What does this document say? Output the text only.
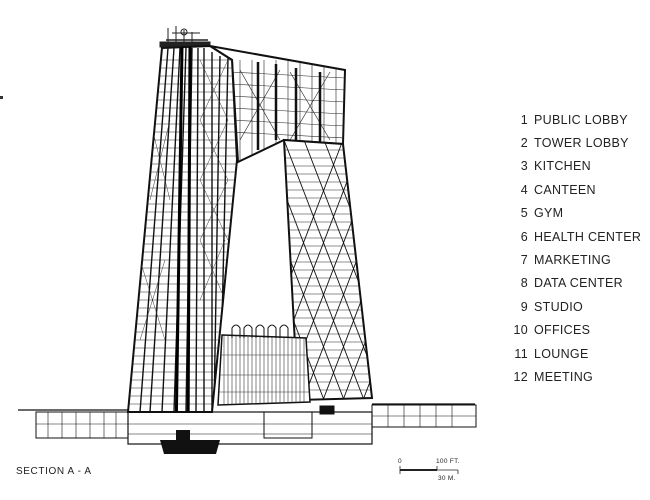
1 PUBLIC LOBBY
2 TOWER LOBBY
3 KITCHEN
4 CANTEEN
5 GYM
6 HEALTH CENTER
7 MARKETING
8 DATA CENTER
9 STUDIO
10 OFFICES
11 LOUNGE
12 MEETING
SECTION A - A
0	100 FT.
30 M.
